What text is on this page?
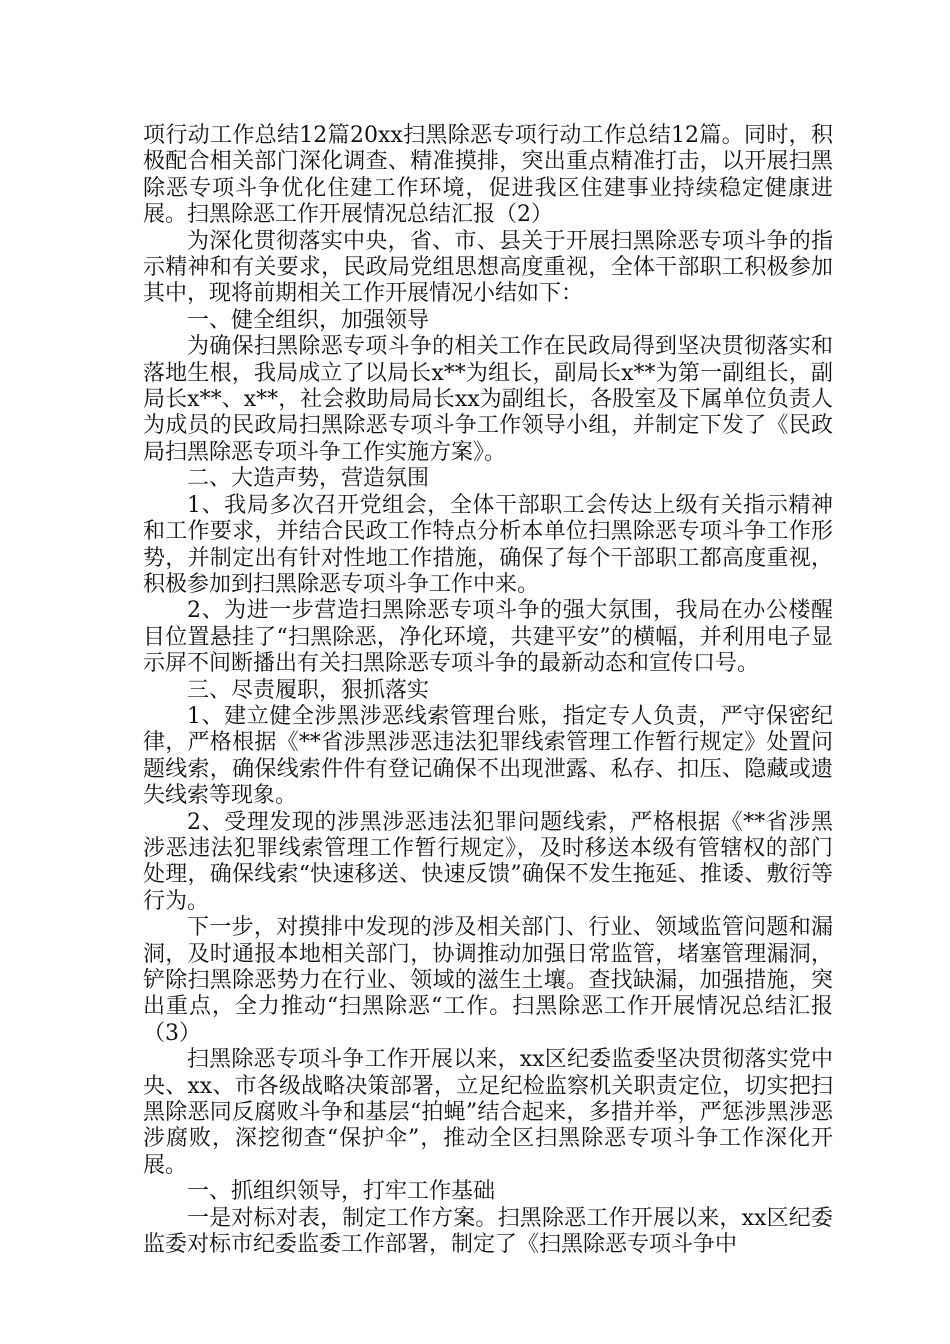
项行动工作总结12篇20xx扫黑除恶专项行动工作总结12篇。同时，积极配合相关部门深化调查、精准摸排，突出重点精准打击，以开展扫黑除恶专项斗争优化住建工作环境，促进我区住建事业持续稳定健康进展。扫黑除恶工作开展情况总结汇报（2）

为深化贯彻落实中央，省、市、县关于开展扫黑除恶专项斗争的指示精神和有关要求，民政局党组思想高度重视，全体干部职工积极参加其中，现将前期相关工作开展情况小结如下：

一、健全组织，加强领导

为确保扫黑除恶专项斗争的相关工作在民政局得到坚决贯彻落实和落地生根，我局成立了以局长x**为组长，副局长x**为第一副组长，副局长x**、x**，社会救助局局长xx为副组长，各股室及下属单位负责人为成员的民政局扫黑除恶专项斗争工作领导小组，并制定下发了《民政局扫黑除恶专项斗争工作实施方案》。

二、大造声势，营造氛围

1、我局多次召开党组会，全体干部职工会传达上级有关指示精神和工作要求，并结合民政工作特点分析本单位扫黑除恶专项斗争工作形势，并制定出有针对性地工作措施，确保了每个干部职工都高度重视，积极参加到扫黑除恶专项斗争工作中来。

2、为进一步营造扫黑除恶专项斗争的强大氛围，我局在办公楼醒目位置悬挂了“扫黑除恶，净化环境，共建平安”的横幅，并利用电子显示屏不间断播出有关扫黑除恶专项斗争的最新动态和宣传口号。

三、尽责履职，狠抓落实

1、建立健全涉黑涉恶线索管理台账，指定专人负责，严守保密纪律，严格根据《**省涉黑涉恶违法犯罪线索管理工作暂行规定》处置问题线索，确保线索件件有登记确保不出现泄露、私存、扣压、隐藏或遗失线索等现象。

2、受理发现的涉黑涉恶违法犯罪问题线索，严格根据《**省涉黑涉恶违法犯罪线索管理工作暂行规定》，及时移送本级有管辖权的部门处理，确保线索“快速移送、快速反馈”确保不发生拖延、推诿、敷衍等行为。

下一步，对摸排中发现的涉及相关部门、行业、领域监管问题和漏洞，及时通报本地相关部门，协调推动加强日常监管，堵塞管理漏洞，铲除扫黑除恶势力在行业、领域的滋生土壤。查找缺漏，加强措施，突出重点，全力推动“扫黑除恶“工作。扫黑除恶工作开展情况总结汇报（3）

扫黑除恶专项斗争工作开展以来，xx区纪委监委坚决贯彻落实党中央、xx、市各级战略决策部署，立足纪检监察机关职责定位，切实把扫黑除恶同反腐败斗争和基层“拍蝇”结合起来，多措并举，严惩涉黑涉恶涉腐败，深挖彻查“保护伞”，推动全区扫黑除恶专项斗争工作深化开展。

一、抓组织领导，打牢工作基础

一是对标对表，制定工作方案。扫黑除恶工作开展以来，xx区纪委监委对标市纪委监委工作部署，制定了《扫黑除恶专项斗争中
